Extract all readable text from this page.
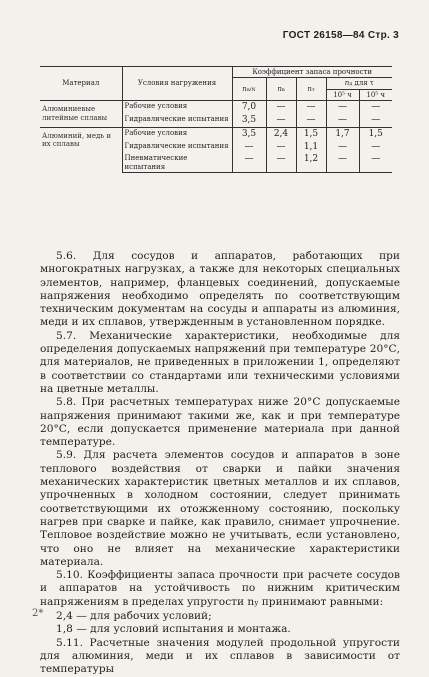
ГОСТ 26158—84 Стр. 3
Материал	Условия нагружения	Коэффициент запаса прочности				
		nв/N	nв	nт	nд для τ	
					10⁵ ч	10⁵ ч
Алюминиевые литейные сплавы	Рабочие условия	7,0	—	—	—	—
	Гидравлические испытания	3,5	—	—	—	—
Алюминий, медь и их сплавы	Рабочие условия	3,5	2,4	1,5	1,7	1,5
	Гидравлические испытания	—	—	1,1	—	—
	Пневматические испытания	—	—	1,2	—	—

5.6. Для сосудов и аппаратов, работающих при многократных нагрузках, а также для некоторых специальных элементов, например, фланцевых соединений, допускаемые напряжения необходимо определять по соответствующим техническим документам на сосуды и аппараты из алюминия, меди и их сплавов, утвержденным в установленном порядке.

5.7. Механические характеристики, необходимые для определения допускаемых напряжений при температуре 20°С, для материалов, не приведенных в приложении 1, определяют в соответствии со стандартами или техническими условиями на цветные металлы.

5.8. При расчетных температурах ниже 20°С допускаемые напряжения принимают такими же, как и при температуре 20°С, если допускается применение материала при данной температуре.

5.9. Для расчета элементов сосудов и аппаратов в зоне теплового воздействия от сварки и пайки значения механических характеристик цветных металлов и их сплавов, упрочненных в холодном состоянии, следует принимать соответствующими их отожженному состоянию, поскольку нагрев при сварке и пайке, как правило, снимает упрочнение. Тепловое воздействие можно не учитывать, если установлено, что оно не влияет на механические характеристики материала.

5.10. Коэффициенты запаса прочности при расчете сосудов и аппаратов на устойчивость по нижним критическим напряжениям в пределах упругости nу принимают равными:

2,4 — для рабочих условий;

1,8 — для условий испытания и монтажа.

5.11. Расчетные значения модулей продольной упругости для алюминия, меди и их сплавов в зависимости от температуры

2*
